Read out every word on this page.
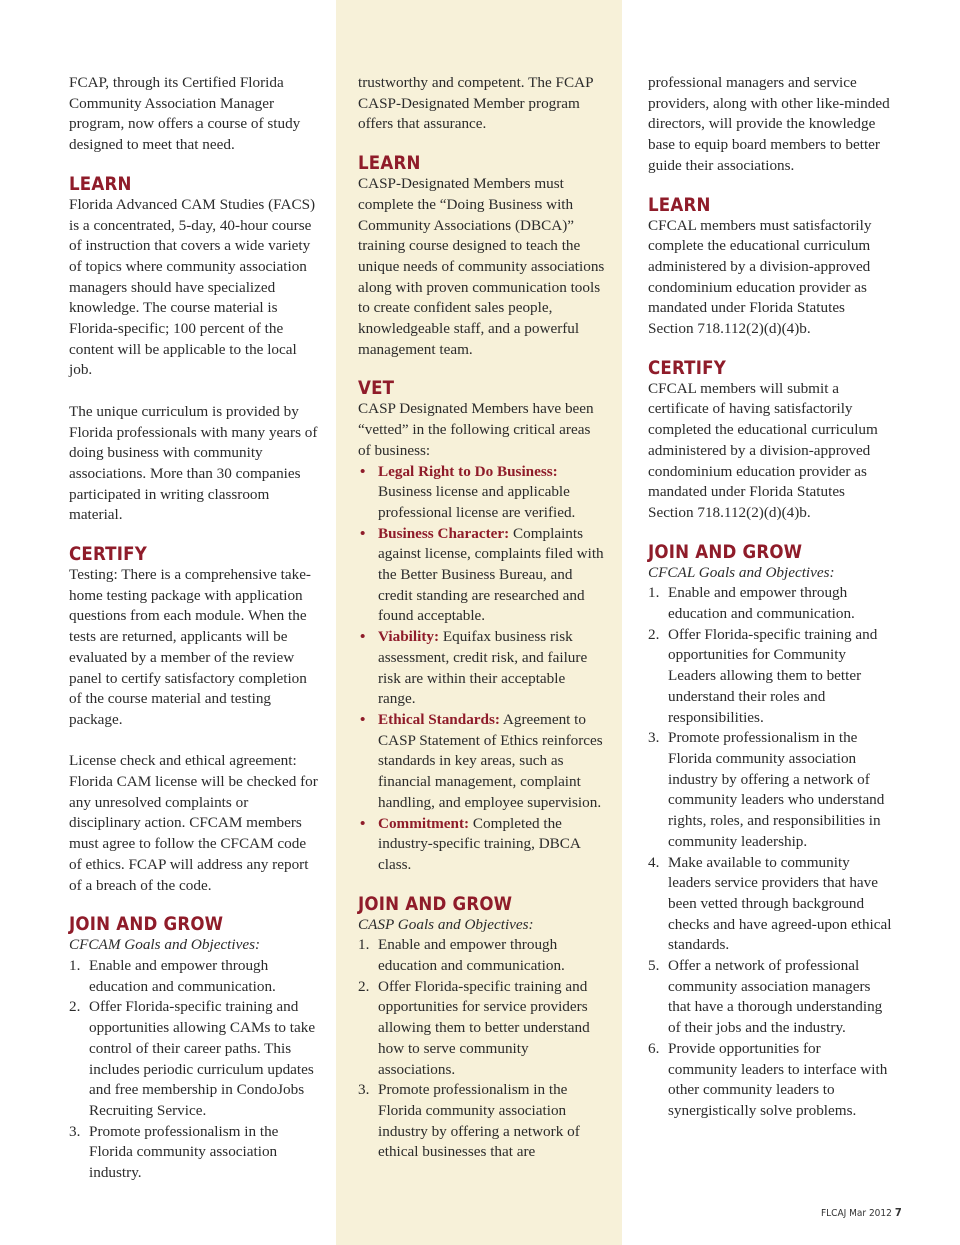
FCAP, through its Certified Florida Community Association Manager program, now offers a course of study designed to meet that need.

LEARN

Florida Advanced CAM Studies (FACS) is a concentrated, 5-day, 40-hour course of instruction that covers a wide variety of topics where community association managers should have specialized knowledge. The course material is Florida-specific; 100 percent of the content will be applicable to the local job.

The unique curriculum is provided by Florida professionals with many years of doing business with community associations. More than 30 companies participated in writing classroom material.

CERTIFY

Testing: There is a comprehensive take-home testing package with application questions from each module. When the tests are returned, applicants will be evaluated by a member of the review panel to certify satisfactory completion of the course material and testing package.

License check and ethical agreement: Florida CAM license will be checked for any unresolved complaints or disciplinary action. CFCAM members must agree to follow the CFCAM code of ethics. FCAP will address any report of a breach of the code.

JOIN AND GROW

CFCAM Goals and Objectives:

1. Enable and empower through education and communication.
2. Offer Florida-specific training and opportunities allowing CAMs to take control of their career paths. This includes periodic curriculum updates and free membership in CondoJobs Recruiting Service.
3. Promote professionalism in the Florida community association industry.

trustworthy and competent. The FCAP CASP-Designated Member program offers that assurance.

LEARN

CASP-Designated Members must complete the “Doing Business with Community Associations (DBCA)” training course designed to teach the unique needs of community associations along with proven communication tools to create confident sales people, knowledgeable staff, and a powerful management team.

VET

CASP Designated Members have been “vetted” in the following critical areas of business:

• Legal Right to Do Business: Business license and applicable professional license are verified.
• Business Character: Complaints against license, complaints filed with the Better Business Bureau, and credit standing are researched and found acceptable.
• Viability: Equifax business risk assessment, credit risk, and failure risk are within their acceptable range.
• Ethical Standards: Agreement to CASP Statement of Ethics reinforces standards in key areas, such as financial management, complaint handling, and employee supervision.
• Commitment: Completed the industry-specific training, DBCA class.
JOIN AND GROW

CASP Goals and Objectives:

1. Enable and empower through education and communication.
2. Offer Florida-specific training and opportunities for service providers allowing them to better understand how to serve community associations.
3. Promote professionalism in the Florida community association industry by offering a network of ethical businesses that are

professional managers and service providers, along with other like-minded directors, will provide the knowledge base to equip board members to better guide their associations.

LEARN

CFCAL members must satisfactorily complete the educational curriculum administered by a division-approved condominium education provider as mandated under Florida Statutes Section 718.112(2)(d)(4)b.

CERTIFY

CFCAL members will submit a certificate of having satisfactorily completed the educational curriculum administered by a division-approved condominium education provider as mandated under Florida Statutes Section 718.112(2)(d)(4)b.

JOIN AND GROW

CFCAL Goals and Objectives:

1. Enable and empower through education and communication.
2. Offer Florida-specific training and opportunities for Community Leaders allowing them to better understand their roles and responsibilities.
3. Promote professionalism in the Florida community association industry by offering a network of community leaders who understand rights, roles, and responsibilities in community leadership.
4. Make available to community leaders service providers that have been vetted through background checks and have agreed-upon ethical standards.
5. Offer a network of professional community association managers that have a thorough understanding of their jobs and the industry.
6. Provide opportunities for community leaders to interface with other community leaders to synergistically solve problems.
FLCAJ Mar 2012 7
